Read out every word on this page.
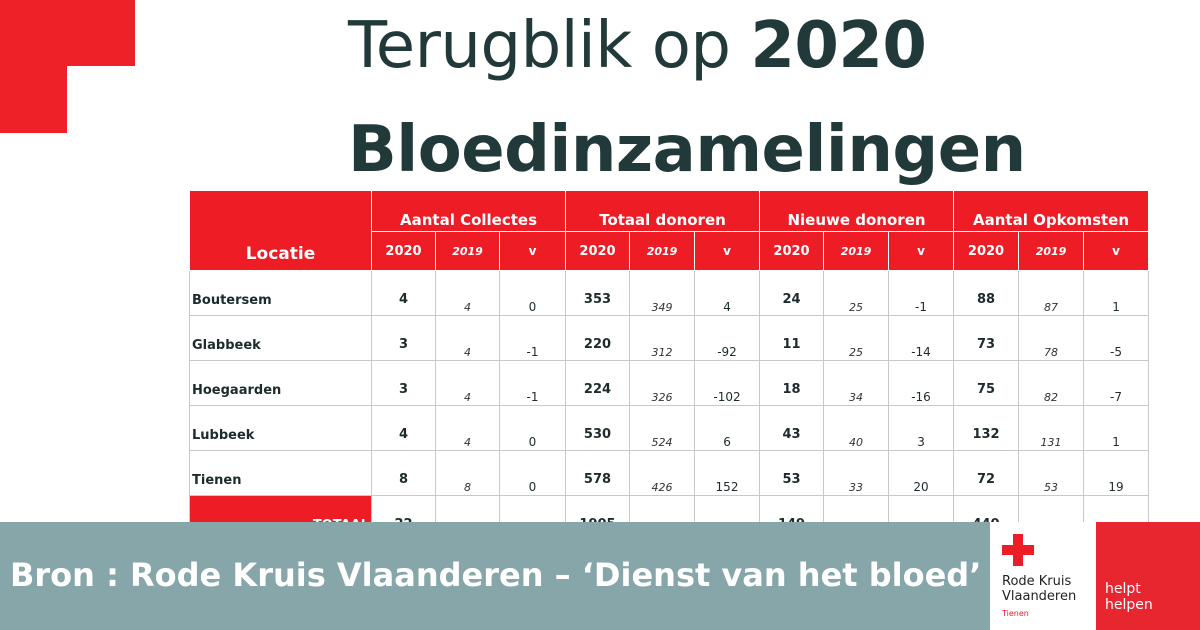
Terugblik op 2020
Bloedinzamelingen
Locatie	Aantal Collectes			Totaal donoren			Nieuwe donoren			Aantal Opkomsten		
	2020	2019	v	2020	2019	v	2020	2019	v	2020	2019	v
Boutersem	4	4	0	353	349	4	24	25	-1	88	87	1
Glabbeek	3	4	-1	220	312	-92	11	25	-14	73	78	-5
Hoegaarden	3	4	-1	224	326	-102	18	34	-16	75	82	-7
Lubbeek	4	4	0	530	524	6	43	40	3	132	131	1
Tienen	8	8	0	578	426	152	53	33	20	72	53	19

Bron : Rode Kruis Vlaanderen – ‘Dienst van het bloed’ Rode Kruis
Vlaanderen
Tienen
helpt
helpen
